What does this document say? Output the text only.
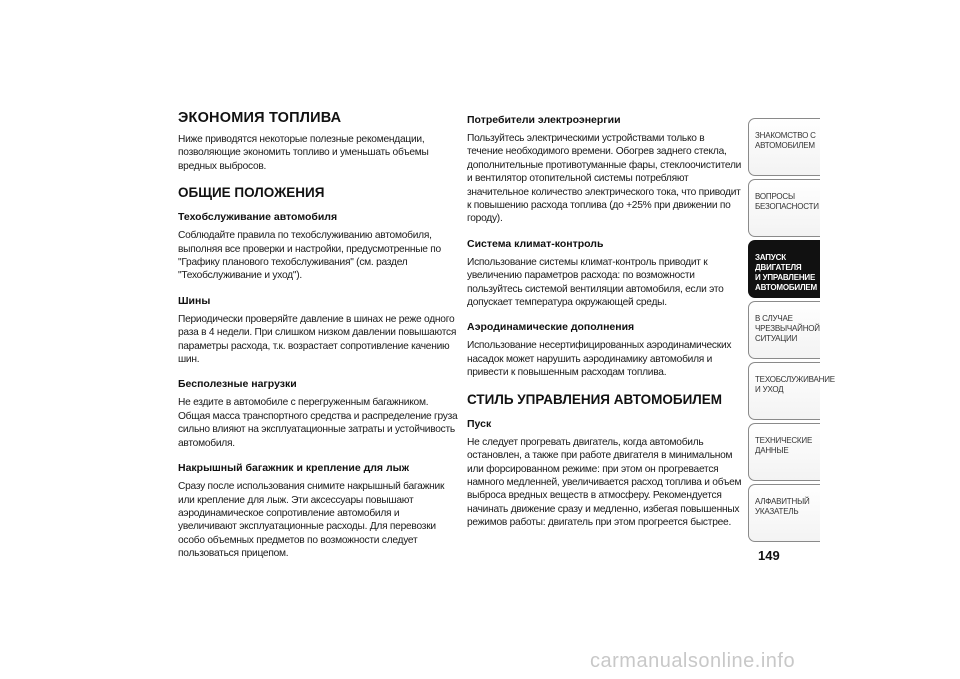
ЭКОНОМИЯ ТОПЛИВА
Ниже приводятся некоторые полезные рекомендации, позволяющие экономить топливо и уменьшать объемы вредных выбросов.
ОБЩИЕ ПОЛОЖЕНИЯ
Техобслуживание автомобиля
Соблюдайте правила по техобслуживанию автомобиля, выполняя все проверки и настройки, предусмотренные по "Графику планового техобслуживания" (см. раздел "Техобслуживание и уход").
Шины
Периодически проверяйте давление в шинах не реже одного раза в 4 недели. При слишком низком давлении повышаются параметры расхода, т.к. возрастает сопротивление качению шин.
Бесполезные нагрузки
Не ездите в автомобиле с перегруженным багажником. Общая масса транспортного средства и распределение груза сильно влияют на эксплуатационные затраты и устойчивость автомобиля.
Накрышный багажник и крепление для лыж
Сразу после использования снимите накрышный багажник или крепление для лыж. Эти аксессуары повышают аэродинамическое сопротивление автомобиля и увеличивают эксплуатационные расходы. Для перевозки особо объемных предметов по возможности следует пользоваться прицепом.
Потребители электроэнергии
Пользуйтесь электрическими устройствами только в течение необходимого времени. Обогрев заднего стекла, дополнительные противотуманные фары, стеклоочистители и вентилятор отопительной системы потребляют значительное количество электрического тока, что приводит к повышению расхода топлива (до +25% при движении по городу).
Система климат-контроль
Использование системы климат-контроль приводит к увеличению параметров расхода: по возможности пользуйтесь системой вентиляции автомобиля, если это допускает температура окружающей среды.
Аэродинамические дополнения
Использование несертифицированных аэродинамических насадок может нарушить аэродинамику автомобиля и привести к повышенным расходам топлива.
СТИЛЬ УПРАВЛЕНИЯ АВТОМОБИЛЕМ
Пуск
Не следует прогревать двигатель, когда автомобиль остановлен, а также при работе двигателя в минимальном или форсированном режиме: при этом он прогревается намного медленней, увеличивается расход топлива и объем выброса вредных веществ в атмосферу. Рекомендуется начинать движение сразу и медленно, избегая повышенных режимов работы: двигатель при этом прогреется быстрее.
ЗНАКОМСТВО С
АВТОМОБИЛЕМ
ВОПРОСЫ
БЕЗОПАСНОСТИ
ЗАПУСК ДВИГАТЕЛЯ
И УПРАВЛЕНИЕ
АВТОМОБИЛЕМ
В СЛУЧАЕ
ЧРЕЗВЫЧАЙНОЙ
СИТУАЦИИ
ТЕХОБСЛУЖИВАНИЕ
И УХОД
ТЕХНИЧЕСКИЕ
ДАННЫЕ
АЛФАВИТНЫЙ
УКАЗАТЕЛЬ
149
carmanualsonline.info
